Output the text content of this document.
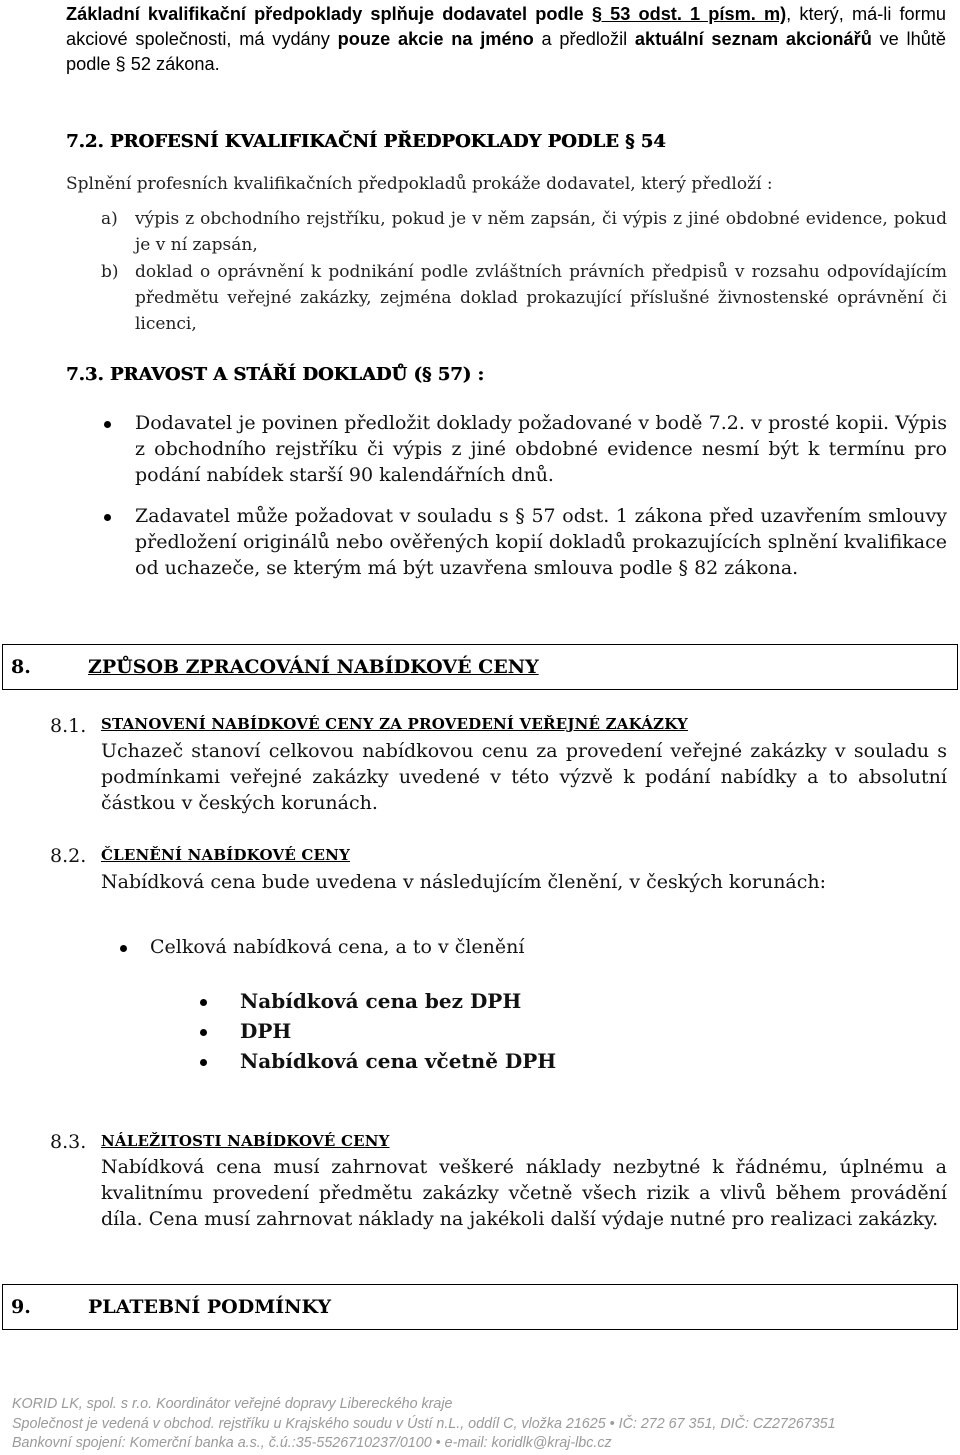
Základní kvalifikační předpoklady splňuje dodavatel podle § 53 odst. 1 písm. m), který, má-li formu akciové společnosti, má vydány pouze akcie na jméno a předložil aktuální seznam akcionářů ve lhůtě podle § 52 zákona.
7.2. PROFESNÍ KVALIFIKAČNÍ PŘEDPOKLADY PODLE § 54
Splnění profesních kvalifikačních předpokladů prokáže dodavatel, který předloží :
a) výpis z obchodního rejstříku, pokud je v něm zapsán, či výpis z jiné obdobné evidence, pokud je v ní zapsán,
b) doklad o oprávnění k podnikání podle zvláštních právních předpisů v rozsahu odpovídajícím předmětu veřejné zakázky, zejména doklad prokazující příslušné živnostenské oprávnění či licenci,
7.3. PRAVOST A STÁŘÍ DOKLADŮ (§ 57) :
Dodavatel je povinen předložit doklady požadované v bodě 7.2. v prosté kopii. Výpis z obchodního rejstříku či výpis z jiné obdobné evidence nesmí být k termínu pro podání nabídek starší 90 kalendářních dnů.
Zadavatel může požadovat v souladu s § 57 odst. 1 zákona před uzavřením smlouvy předložení originálů nebo ověřených kopií dokladů prokazujících splnění kvalifikace od uchazeče, se kterým má být uzavřena smlouva podle § 82 zákona.
8.	ZPŮSOB ZPRACOVÁNÍ NABÍDKOVÉ CENY
8.1. STANOVENÍ NABÍDKOVÉ CENY ZA PROVEDENÍ VEŘEJNÉ ZAKÁZKY
Uchazeč stanoví celkovou nabídkovou cenu za provedení veřejné zakázky v souladu s podmínkami veřejné zakázky uvedené v této výzvě k podání nabídky a to absolutní částkou v českých korunách.
8.2. ČLENĚNÍ NABÍDKOVÉ CENY
Nabídková cena bude uvedena v následujícím členění, v českých korunách:
Celková nabídková cena, a to v členění
Nabídková cena bez DPH
DPH
Nabídková cena včetně DPH
8.3. NÁLEŽITOSTI NABÍDKOVÉ CENY
Nabídková cena musí zahrnovat veškeré náklady nezbytné k řádnému, úplnému a kvalitnímu provedení předmětu zakázky včetně všech rizik a vlivů během provádění díla. Cena musí zahrnovat náklady na jakékoli další výdaje nutné pro realizaci zakázky.
9.	PLATEBNÍ PODMÍNKY

KORID LK, spol. s r.o. Koordinátor veřejné dopravy Libereckého kraje

Společnost je vedená v obchod. rejstříku u Krajského soudu v Ústí n.L., oddíl C, vložka 21625 • IČ: 272 67 351, DIČ: CZ27267351

Bankovní spojení: Komerční banka a.s., č.ú.:35-5526710237/0100 • e-mail: koridlk@kraj-lbc.cz
